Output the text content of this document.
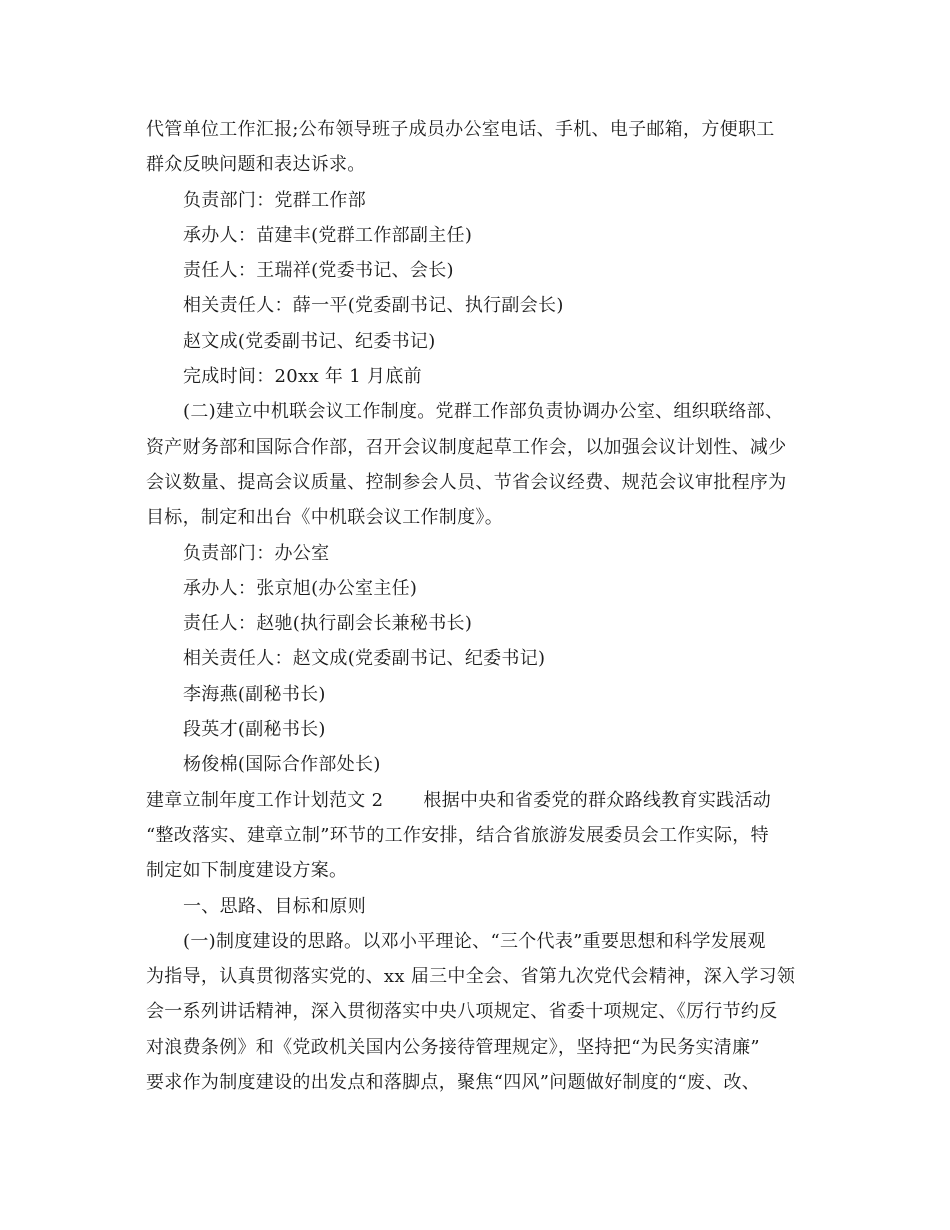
代管单位工作汇报;公布领导班子成员办公室电话、手机、电子邮箱，方便职工
群众反映问题和表达诉求。
负责部门：党群工作部
承办人：苗建丰(党群工作部副主任)
责任人：王瑞祥(党委书记、会长)
相关责任人：薛一平(党委副书记、执行副会长)
赵文成(党委副书记、纪委书记)
完成时间：20xx 年 1 月底前
(二)建立中机联会议工作制度。党群工作部负责协调办公室、组织联络部、
资产财务部和国际合作部，召开会议制度起草工作会，以加强会议计划性、减少
会议数量、提高会议质量、控制参会人员、节省会议经费、规范会议审批程序为
目标，制定和出台《中机联会议工作制度》。
负责部门：办公室
承办人：张京旭(办公室主任)
责任人：赵驰(执行副会长兼秘书长)
相关责任人：赵文成(党委副书记、纪委书记)
李海燕(副秘书长)
段英才(副秘书长)
杨俊棉(国际合作部处长)
建章立制年度工作计划范文 2 根据中央和省委党的群众路线教育实践活动
“整改落实、建章立制”环节的工作安排，结合省旅游发展委员会工作实际，特
制定如下制度建设方案。
一、思路、目标和原则
(一)制度建设的思路。以邓小平理论、“三个代表”重要思想和科学发展观
为指导，认真贯彻落实党的、xx 届三中全会、省第九次党代会精神，深入学习领
会一系列讲话精神，深入贯彻落实中央八项规定、省委十项规定、《厉行节约反
对浪费条例》和《党政机关国内公务接待管理规定》，坚持把“为民务实清廉”
要求作为制度建设的出发点和落脚点，聚焦“四风”问题做好制度的“废、改、
